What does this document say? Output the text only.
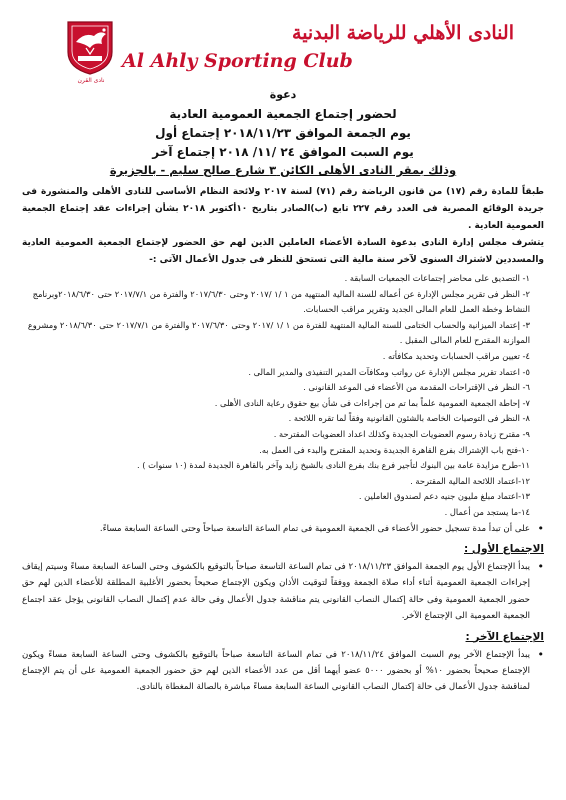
نادى القرن
النادى الأهلي للرياضة البدنية
Al Ahly Sporting Club
دعوة
لحضور إجتماع الجمعية العمومية العادية
يوم الجمعة الموافق ٢٠١٨/١١/٢٣ إجتماع أول
يوم السبت الموافق ٢٤ /١١/ ٢٠١٨ إجتماع آخر
وذلك بمقر النادى الأهلى الكائن ٣ شارع صالح سليم - بالجزيرة

طبقاً للمادة رقم (١٧) من قانون الرياضة رقم (٧١) لسنة ٢٠١٧ ولائحة النظام الأساسى للنادى الأهلى والمنشورة فى جريدة الوقائع المصرية فى العدد رقم ٢٢٧ تابع (ب)الصادر بتاريخ ١٠أكتوبر ٢٠١٨ بشأن إجراءات عقد إجتماع الجمعية العمومية العادية .

يتشرف مجلس إدارة النادى بدعوة السادة الأعضاء العاملين الذين لهم حق الحضور لإجتماع الجمعية العمومية العادية والمسددين لاشتراك السنوى لآخر سنة مالية التى تستحق للنظر فى جدول الأعمال الآتى :-

١- التصديق على محاضر إجتماعات الجمعيات السابقة .
٢- النظر فى تقرير مجلس الإدارة عن أعماله للسنة المالية المنتهية من ١ /١ /٢٠١٧ وحتى ٢٠١٧/٦/٣٠ والفترة من ٢٠١٧/٧/١ حتى ٢٠١٨/٦/٣٠وبرنامج النشاط وخطة العمل للعام المالى الجديد وتقرير مراقب الحسابات.
٣- إعتماد الميزانية والحساب الختامى للسنة المالية المنتهية للفترة من ١ /١ /٢٠١٧ وحتى ٢٠١٧/٦/٣٠ والفترة من ٢٠١٧/٧/١ حتى ٢٠١٨/٦/٣٠ ومشروع الموازنة المقترح للعام المالى المقبل .
٤- تعيين مراقب الحسابات وتحديد مكافأته .
٥- اعتماد تقرير مجلس الإدارة عن رواتب ومكافآت المدير التنفيذى والمدير المالى .
٦- النظر فى الإقتراحات المقدمة من الأعضاء فى الموعد القانونى .
٧- إحاطة الجمعية العمومية علماً بما تم من إجراءات فى شأن بيع حقوق رعاية النادى الأهلى .
٨- النظر فى التوصيات الخاصة بالشئون القانونية وفقاً لما تقره اللائحة .
٩- مقترح زيادة رسوم العضويات الجديدة وكذلك اعداد العضويات المقترحة .
١٠-فتح باب الإشتراك بفرع القاهرة الجديدة وتحديد المقترح والبدء فى العمل به.
١١-طرح مزايدة عامة بين البنوك لتأجير فرع بنك بفرع النادى بالشيخ زايد وآخر بالقاهرة الجديدة لمدة (١٠ سنوات ) .
١٢-اعتماد اللائحة المالية المقترحة .
١٣-اعتماد مبلغ مليون جنيه دعم لصندوق العاملين .
١٤-ما يستجد من أعمال .

• على أن تبدأ مدة تسجيل حضور الأعضاء فى الجمعية العمومية فى تمام الساعة التاسعة صباحاً وحتى الساعة السابعة مساءً.

الاجتماع الأول :

• يبدأ الإجتماع الأول يوم الجمعة الموافق ٢٠١٨/١١/٢٣ فى تمام الساعة التاسعة صباحاً بالتوقيع بالكشوف وحتى الساعة السابعة مساءً وسيتم إيقاف إجراءات الجمعية العمومية أثناء أداء صلاة الجمعة ووفقاً لتوقيت الأذان ويكون الإجتماع صحيحاً بحضور الأغلبية المطلقة للأعضاء الذين لهم حق حضور الجمعية العمومية وفى حالة إكتمال النصاب القانونى يتم مناقشة جدول الأعمال وفى حالة عدم إكتمال النصاب القانونى يؤجل عقد اجتماع الجمعية العمومية الى الإجتماع الآخر.

الإجتماع الآخر :

• يبدأ الإجتماع الآخر يوم السبت الموافق ٢٠١٨/١١/٢٤ فى تمام الساعة التاسعة صباحاً بالتوقيع بالكشوف وحتى الساعة السابعة مساءً ويكون الإجتماع صحيحاً بحضور ١٠% أو بحضور ٥٠٠٠ عضو أيهما أقل من عدد الأعضاء الذين لهم حق حضور الجمعية العمومية على أن يتم الإجتماع لمناقشة جدول الأعمال فى حالة إكتمال النصاب القانونى الساعة السابعة مساءً مباشرة بالصالة المغطاة بالنادى.
